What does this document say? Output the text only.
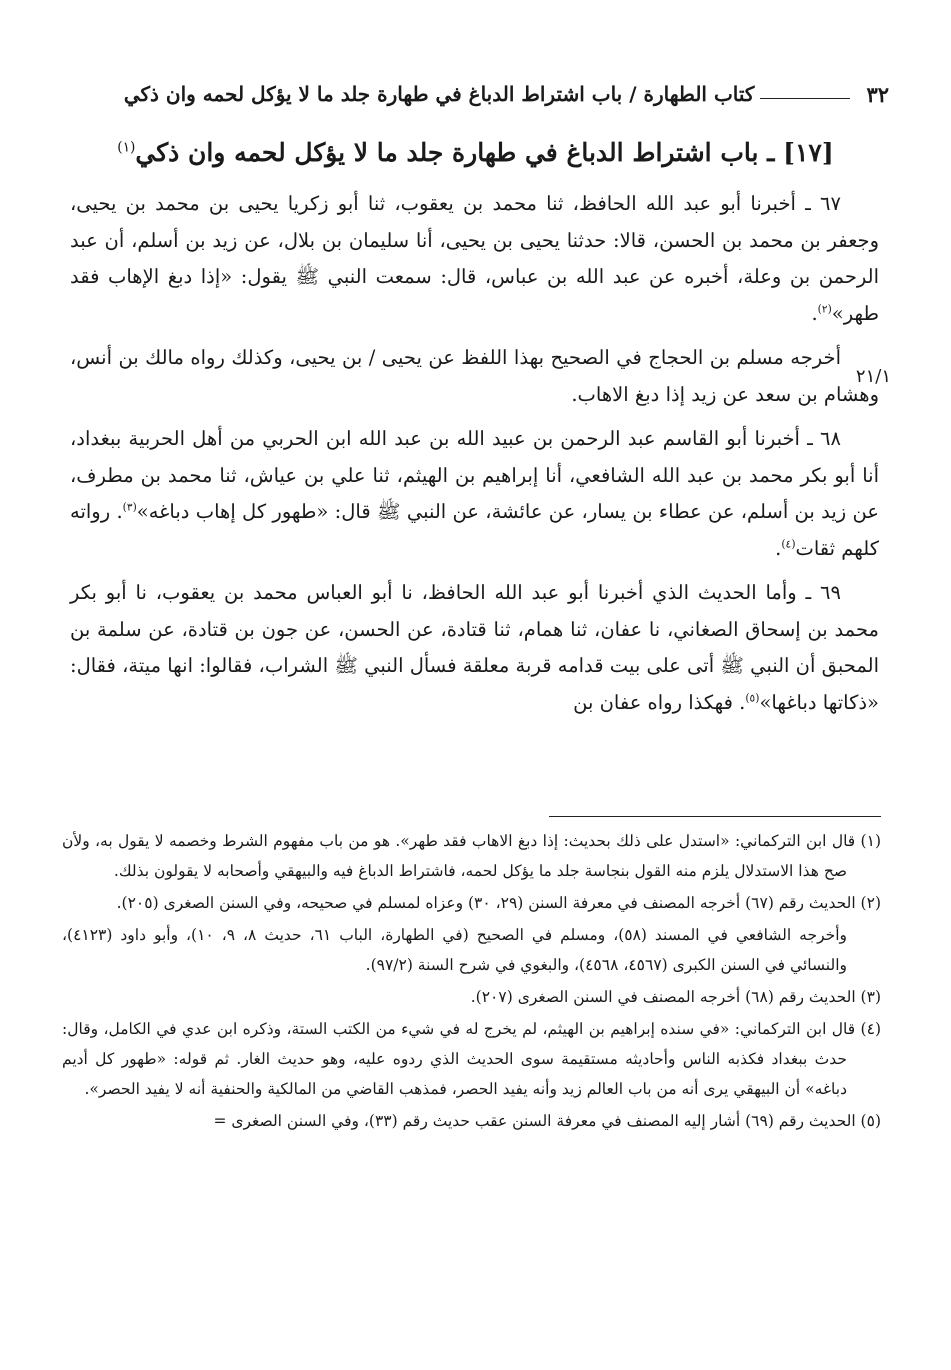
٣٢
كتاب الطهارة / باب اشتراط الدباغ في طهارة جلد ما لا يؤكل لحمه وان ذكي
[١٧] ـ باب اشتراط الدباغ في طهارة جلد ما لا يؤكل لحمه وان ذكي$^{(١)}$
٢١/١

٦٧ ـ أخبرنا أبو عبد الله الحافظ، ثنا محمد بن يعقوب، ثنا أبو زكريا يحيى بن محمد بن يحيى، وجعفر بن محمد بن الحسن، قالا: حدثنا يحيى بن يحيى، أنا سليمان بن بلال، عن زيد بن أسلم، أن عبد الرحمن بن وعلة، أخبره عن عبد الله بن عباس، قال: سمعت النبي ﷺ يقول: «إذا دبغ الإهاب فقد طهر»$^{(٢)}$.

أخرجه مسلم بن الحجاج في الصحيح بهذا اللفظ عن يحيى / بن يحيى، وكذلك رواه مالك بن أنس، وهشام بن سعد عن زيد إذا دبغ الاهاب.

٦٨ ـ أخبرنا أبو القاسم عبد الرحمن بن عبيد الله بن عبد الله ابن الحربي من أهل الحربية ببغداد، أنا أبو بكر محمد بن عبد الله الشافعي، أنا إبراهيم بن الهيثم، ثنا علي بن عياش، ثنا محمد بن مطرف، عن زيد بن أسلم، عن عطاء بن يسار، عن عائشة، عن النبي ﷺ قال: «طهور كل إهاب دباغه»$^{(٣)}$. رواته كلهم ثقات$^{(٤)}$.

٦٩ ـ وأما الحديث الذي أخبرنا أبو عبد الله الحافظ، نا أبو العباس محمد بن يعقوب، نا أبو بكر محمد بن إسحاق الصغاني، نا عفان، ثنا همام، ثنا قتادة، عن الحسن، عن جون بن قتادة، عن سلمة بن المحبق أن النبي ﷺ أتى على بيت قدامه قربة معلقة فسأل النبي ﷺ الشراب، فقالوا: انها ميتة، فقال: «ذكاتها دباغها»$^{(٥)}$. فهكذا رواه عفان بن

(١) قال ابن التركماني: «استدل على ذلك بحديث: إذا دبغ الاهاب فقد طهر». هو من باب مفهوم الشرط وخصمه لا يقول به، ولأن صح هذا الاستدلال يلزم منه القول بنجاسة جلد ما يؤكل لحمه، فاشتراط الدباغ فيه والبيهقي وأصحابه لا يقولون بذلك.

(٢) الحديث رقم (٦٧) أخرجه المصنف في معرفة السنن (٢٩، ٣٠) وعزاه لمسلم في صحيحه، وفي السنن الصغرى (٢٠٥).

وأخرجه الشافعي في المسند (٥٨)، ومسلم في الصحيح (في الطهارة، الباب ٦١، حديث ٨، ٩، ١٠)، وأبو داود (٤١٢٣)، والنسائي في السنن الكبرى (٤٥٦٧، ٤٥٦٨)، والبغوي في شرح السنة (٩٧/٢).

(٣) الحديث رقم (٦٨) أخرجه المصنف في السنن الصغرى (٢٠٧).

(٤) قال ابن التركماني: «في سنده إبراهيم بن الهيثم، لم يخرج له في شيء من الكتب الستة، وذكره ابن عدي في الكامل، وقال: حدث ببغداد فكذبه الناس وأحاديثه مستقيمة سوى الحديث الذي ردوه عليه، وهو حديث الغار. ثم قوله: «طهور كل أديم دباغه» أن البيهقي يرى أنه من باب العالم زيد وأنه يفيد الحصر، فمذهب القاضي من المالكية والحنفية أنه لا يفيد الحصر».

(٥) الحديث رقم (٦٩) أشار إليه المصنف في معرفة السنن عقب حديث رقم (٣٣)، وفي السنن الصغرى =
